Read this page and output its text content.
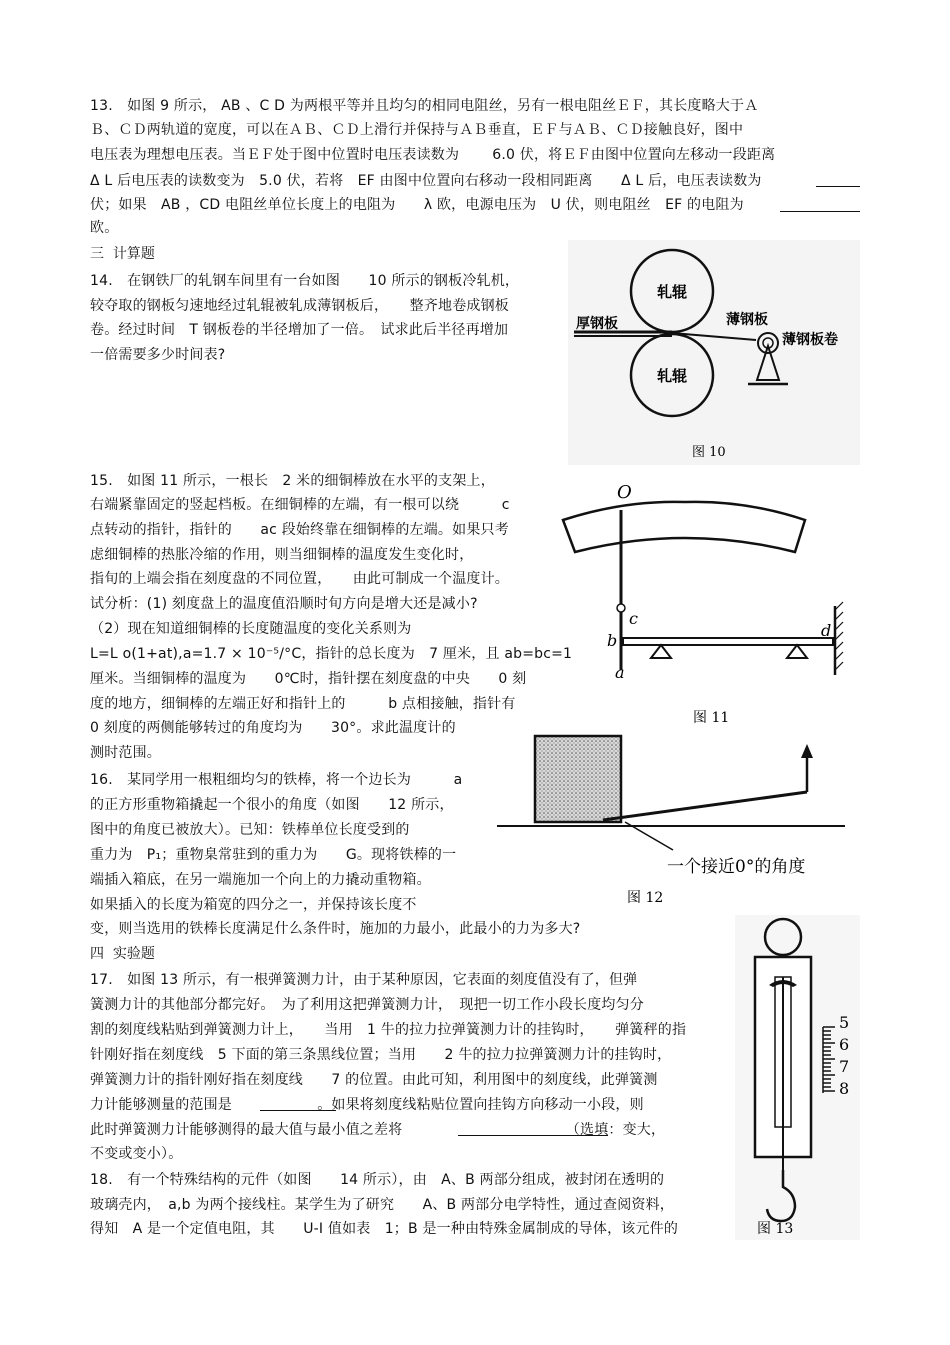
13.　如图 9 所示， AB 、C D 为两根平等并且均匀的相同电阻丝，另有一根电阻丝ＥＦ，其长度略大于Ａ
Ｂ、ＣＤ两轨道的宽度，可以在ＡＢ、ＣＤ上滑行并保持与ＡＢ垂直，ＥＦ与ＡＢ、ＣＤ接触良好，图中
电压表为理想电压表。当ＥＦ处于图中位置时电压表读数为　　 6.0 伏，将ＥＦ由图中位置向左移动一段距离
Δ L 后电压表的读数变为　5.0 伏，若将　EF 由图中位置向右移动一段相同距离　　Δ L 后，电压表读数为
伏；如果　AB ，CD 电阻丝单位长度上的电阻为　　λ 欧，电源电压为　U 伏，则电阻丝　EF 的电阻为
欧。
三  计算题
14.　在钢铁厂的轧钢车间里有一台如图　　10 所示的钢板冷轧机，
较夺取的钢板匀速地经过轧辊被轧成薄钢板后，　　整齐地卷成钢板
卷。经过时间　T 钢板卷的半径增加了一倍。　试求此后半径再增加
一倍需要多少时间表?
轧辊
轧辊
厚钢板	薄钢板
薄钢板卷
图 10
15.　如图 11 所示，一根长　2 米的细铜棒放在水平的支架上，
右端紧靠固定的竖起档板。在细铜棒的左端，有一根可以绕　　　c
点转动的指针，指针的　　ac 段始终靠在细铜棒的左端。如果只考
虑细铜棒的热胀冷缩的作用，则当细铜棒的温度发生变化时，
指旬的上端会指在刻度盘的不同位置，　　由此可制成一个温度计。
试分析：(1) 刻度盘上的温度值沿顺时旬方向是增大还是减小?
（2）现在知道细铜棒的长度随温度的变化关系则为
L=L o(1+at),a=1.7 × 10⁻⁵/°C，指针的总长度为　7 厘米，且 ab=bc=1
厘米。当细铜棒的温度为　　0℃时，指针摆在刻度盘的中央　　0 刻
度的地方，细铜棒的左端正好和指针上的　　　b 点相接触，指针有
0 刻度的两侧能够转过的角度均为　　30°。求此温度计的
测时范围。
O
c
b
a
d
图 11
16.　某同学用一根粗细均匀的铁棒，将一个边长为　　　a
的正方形重物箱撬起一个很小的角度（如图　　12 所示，
图中的角度已被放大）。已知：铁棒单位长度受到的
重力为　P₁；重物臬常驻到的重力为　　G。现将铁棒的一
端插入箱底，在另一端施加一个向上的力撬动重物箱。
如果插入的长度为箱宽的四分之一，并保持该长度不
变，则当选用的铁棒长度满足什么条件时，施加的力最小，此最小的力为多大?
一个接近0°的角度
图 12
四  实验题
17.　如图 13 所示，有一根弹簧测力计，由于某种原因，它表面的刻度值没有了，但弹
簧测力计的其他部分都完好。　为了利用这把弹簧测力计，　现把一切工作小段长度均匀分
割的刻度线粘贴到弹簧测力计上，　　当用　1 牛的拉力拉弹簧测力计的挂钩时，　　弹簧秤的指
针刚好指在刻度线　5 下面的第三条黑线位置；当用　　2 牛的拉力拉弹簧测力计的挂钩时，
弹簧测力计的指针刚好指在刻度线　　7 的位置。由此可知，利用图中的刻度线，此弹簧测
力计能够测量的范围是　　　　　　。如果将刻度线粘贴位置向挂钩方向移动一小段，则
此时弹簧测力计能够测得的最大值与最小值之差将　　　　　　　　　　　　（选填：变大，
不变或变小）。
5
6
7
8
图 13
18.　有一个特殊结构的元件（如图　　14 所示），由　A、B 两部分组成，被封闭在透明的
玻璃壳内，　a,b 为两个接线柱。某学生为了研究　　A、B 两部分电学特性，通过查阅资料，
得知　A 是一个定值电阻，其　　U-I 值如表　1；B 是一种由特殊金属制成的导体，该元件的
